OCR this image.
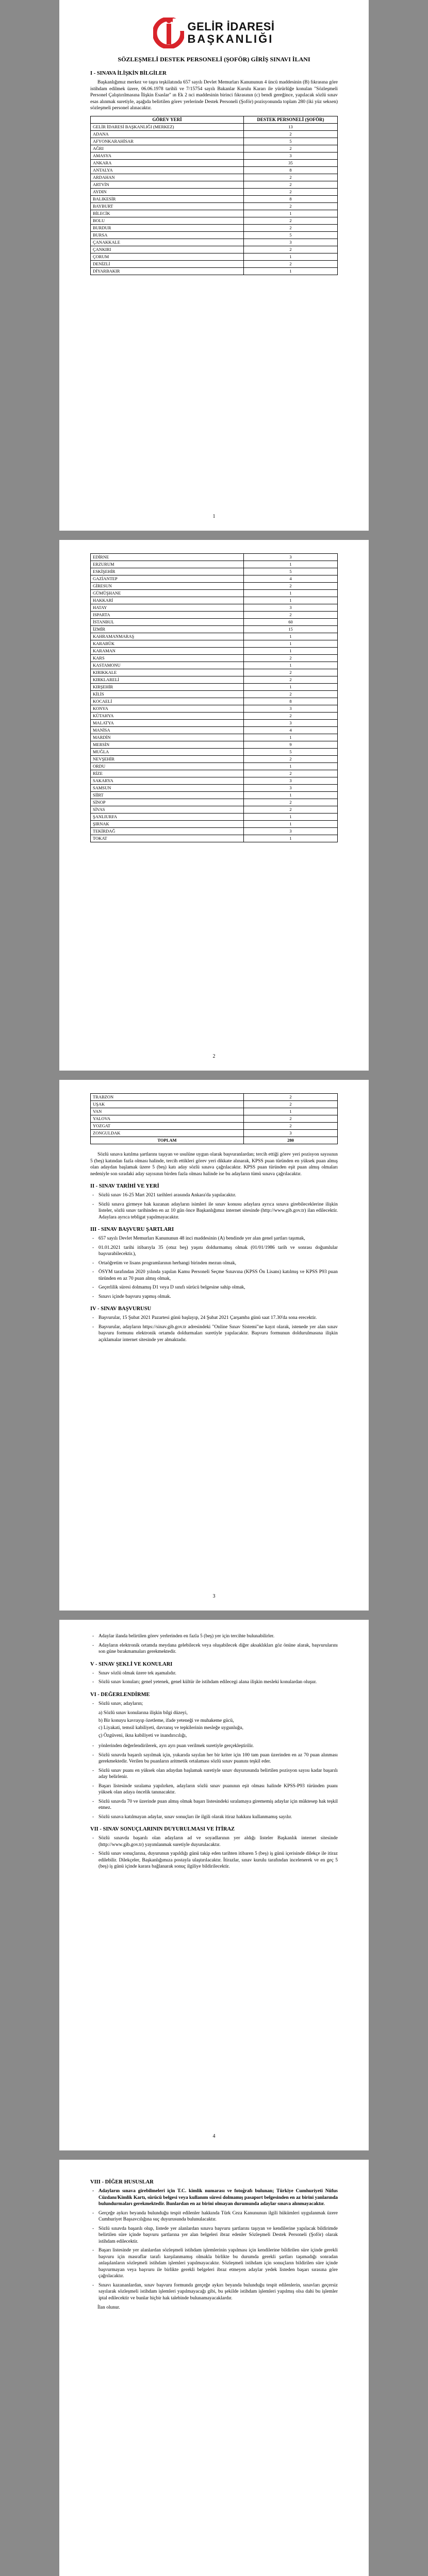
GELİR İDARESİ
BAŞKANLIĞI
SÖZLEŞMELİ DESTEK PERSONELİ (ŞOFÖR) GİRİŞ SINAVI İLANI
I - SINAVA İLİŞKİN BİLGİLER

Başkanlığımız merkez ve taşra teşkilatında 657 sayılı Devlet Memurları Kanununun 4 üncü maddesinin (B) fıkrasına göre istihdam edilmek üzere, 06.06.1978 tarihli ve 7/15754 sayılı Bakanlar Kurulu Kararı ile yürürlüğe konulan "Sözleşmeli Personel Çalıştırılmasına İlişkin Esaslar" ın Ek 2 nci maddesinin birinci fıkrasının (c) bendi gereğince, yapılacak sözlü sınav esas alınmak suretiyle, aşağıda belirtilen görev yerlerinde Destek Personeli (Şoför) pozisyonunda toplam 280 (iki yüz seksen) sözleşmeli personel alınacaktır.

GÖREV YERİ	DESTEK PERSONELİ (ŞOFÖR)
GELİR İDARESİ BAŞKANLIĞI (MERKEZ)	13
ADANA	2
AFYONKARAHİSAR	5
AĞRI	2
AMASYA	3
ANKARA	35
ANTALYA	8
ARDAHAN	2
ARTVİN	2
AYDIN	2
BALIKESİR	8
BAYBURT	2
BİLECİK	1
BOLU	2
BURDUR	2
BURSA	5
ÇANAKKALE	3
ÇANKIRI	2
ÇORUM	1
DENİZLİ	2
DİYARBAKIR	1
1
EDİRNE	3
ERZURUM	1
ESKİŞEHİR	5
GAZİANTEP	4
GİRESUN	2
GÜMÜŞHANE	1
HAKKARİ	1
HATAY	3
ISPARTA	2
İSTANBUL	60
İZMİR	15
KAHRAMANMARAŞ	1
KARABÜK	1
KARAMAN	1
KARS	2
KASTAMONU	1
KIRIKKALE	2
KIRKLARELİ	2
KIRŞEHİR	1
KİLİS	2
KOCAELİ	8
KONYA	3
KÜTAHYA	2
MALATYA	3
MANİSA	4
MARDİN	1
MERSİN	9
MUĞLA	5
NEVŞEHİR	2
ORDU	1
RİZE	2
SAKARYA	3
SAMSUN	3
SİİRT	1
SİNOP	2
SİVAS	2
ŞANLIURFA	1
ŞIRNAK	1
TEKİRDAĞ	3
TOKAT	1
2
TRABZON	2
UŞAK	2
VAN	1
YALOVA	2
YOZGAT	2
ZONGULDAK	3
TOPLAM	280

Sözlü sınava katılma şartlarını taşıyan ve usulüne uygun olarak başvuranlardan; tercih ettiği görev yeri pozisyon sayısının 5 (beş) katından fazla olması halinde, tercih ettikleri görev yeri dikkate alınarak, KPSS puan türünden en yüksek puan almış olan adaydan başlamak üzere 5 (beş) katı aday sözlü sınava çağrılacaktır. KPSS puan türünden eşit puan almış olmaları nedeniyle son sıradaki aday sayısının birden fazla olması halinde ise bu adayların tümü sınava çağrılacaktır.

II - SINAV TARİHİ VE YERİ
- Sözlü sınav 16-25 Mart 2021 tarihleri arasında Ankara'da yapılacaktır.
- Sözlü sınava girmeye hak kazanan adayların isimleri ile sınav konusu adaylara ayrıca sınava girebileceklerine ilişkin listeler, sözlü sınav tarihinden en az 10 gün önce Başkanlığımız internet sitesinde (http://www.gib.gov.tr) ilan edilecektir. Adaylara ayrıca tebligat yapılmayacaktır.
III - SINAV BAŞVURU ŞARTLARI
- 657 sayılı Devlet Memurları Kanununun 48 inci maddesinin (A) bendinde yer alan genel şartları taşımak,
- 01.01.2021 tarihi itibarıyla 35 (otuz beş) yaşını doldurmamış olmak (01/01/1986 tarih ve sonrası doğumlular başvurabilecektir.),
- Ortaöğretim ve lisans programlarının herhangi birinden mezun olmak,
- ÖSYM tarafından 2020 yılında yapılan Kamu Personeli Seçme Sınavına (KPSS Ön Lisans) katılmış ve KPSS P93 puan türünden en az 70 puan almış olmak,
- Geçerlilik süresi dolmamış D1 veya D sınıfı sürücü belgesine sahip olmak,
- Sınavı içinde başvuru yapmış olmak.
IV - SINAV BAŞVURUSU
- Başvurular, 15 Şubat 2021 Pazartesi günü başlayıp, 24 Şubat 2021 Çarşamba günü saat 17.30'da sona erecektir.
- Başvurular, adayların https://sinav.gib.gov.tr adresindeki "Online Sınav Sistemi"ne kayıt olarak, istenede yer alan sınav başvuru formunu elektronik ortamda doldurmaları suretiyle yapılacaktır. Başvuru formunun doldurulmasına ilişkin açıklamalar internet sitesinde yer almaktadır.
3
- Adaylar ilanda belirtilen görev yerlerinden en fazla 5 (beş) yer için tercihte bulunabilirler.
- Adayların elektronik ortamda meydana gelebilecek veya oluşabilecek diğer aksaklıkları göz önüne alarak, başvurularını son güne bırakmamaları gerekmektedir.
V - SINAV ŞEKLİ VE KONULARI
- Sınav sözlü olmak üzere tek aşamalıdır.
- Sözlü sınav konuları; genel yetenek, genel kültür ile istihdam edilecegi alana ilişkin mesleki konulardan oluşur.
VI - DEĞERLENDİRME
- Sözlü sınav, adayların;
a) Sözlü sınav konularına ilişkin bilgi düzeyi,
b) Bir konuyu kavrayıp özetleme, ifade yeteneği ve muhakeme gücü,
c) Liyakati, temsil kabiliyeti, davranış ve tepkilerinin mesleğe uygunluğu,
ç) Özgüveni, ikna kabiliyeti ve inandırıcılığı,
- yönlerinden değerlendirilerek, ayrı ayrı puan verilmek suretiyle gerçekleştirilir.
- Sözlü sınavda başarılı sayılmak için, yukarıda sayılan her bir kriter için 100 tam puan üzerinden en az 70 puan alınması gerekmektedir. Verilen bu puanların aritmetik ortalaması sözlü sınav puanını teşkil eder.
- Sözlü sınav puanı en yüksek olan adaydan başlamak suretiyle sınav duyurusunda belirtilen pozisyon sayısı kadar başarılı aday belirlenir.
- Başarı listesinde sıralama yapılırken, adayların sözlü sınav puanının eşit olması halinde KPSS-P93 türünden puanı yüksek olan adaya öncelik tanınacaktır.
- Sözlü sınavda 70 ve üzerinde puan almış olmak başarı listesindeki sıralamaya girememiş adaylar için müktesep hak teşkil etmez.
- Sözlü sınava katılmayan adaylar, sınav sonuçları ile ilgili olarak itiraz hakkını kullanmamış sayılır.
VII - SINAV SONUÇLARININ DUYURULMASI VE İTİRAZ
- Sözlü sınavda başarılı olan adayların ad ve soyadlarının yer aldığı listeler Başkanlık internet sitesinde (http://www.gib.gov.tr) yayımlanmak suretiyle duyurulacaktır.
- Sözlü sınav sonuçlarına, duyurunun yapıldığı günü takip eden tarihten itibaren 5 (beş) iş günü içerisinde dilekçe ile itiraz edilebilir. Dilekçeler, Başkanlığımıza postayla ulaştırılacaktır. İtirazlar, sınav kurulu tarafından incelenerek ve en geç 5 (beş) iş günü içinde karara bağlanarak sonuç ilgiliye bildirilecektir.
4
VIII - DİĞER HUSUSLAR
- Adayların sınava girebilmeleri için T.C. kimlik numarası ve fotoğrafı bulunan; Türkiye Cumhuriyeti Nüfus Cüzdanı/Kimlik Kartı, sürücü belgesi veya kullanım süresi dolmamış pasaport belgesinden en az birini yanlarında bulundurmaları gerekmektedir. Bunlardan en az birini olmayan durumunda adaylar sınava alınmayacaktır.
- Gerçeğe aykırı beyanda bulunduğu tespit edilenler hakkında Türk Ceza Kanununun ilgili hükümleri uygulanmak üzere Cumhuriyet Başsavcılığına suç duyurusunda bulunulacaktır.
- Sözlü sınavda başarılı olup, listede yer alanlardan sınava başvuru şartlarını taşıyan ve kendilerine yapılacak bildirimde belirtilen süre içinde başvuru şartlarına yer alan belgeleri ibraz edenler Sözleşmeli Destek Personeli (Şoför) olarak istihdam edilecektir.
- Başarı listesinde yer alanlardan sözleşmeli istihdam işlemlerinin yapılması için kendilerine bildirilen süre içinde gerekli başvuru için masraflar tarafı karşılanmamış olmakla birlikte bu durumda gerekli şartları taşımadığı sonradan anlaşılanların sözleşmeli istihdam işlemleri yapılmayacaktır. Sözleşmeli istihdam için sonuçların bildirilen süre içinde başvurmayan veya başvuru ile birlikte gerekli belgeleri ibraz etmeyen adaylar yedek listeden başarı sırasına göre çağrılacaktır.
- Sınavı kazananlardan, sınav başvuru formunda gerçeğe aykırı beyanda bulunduğu tespit edilenlerin, sınavları geçersiz sayılarak sözleşmeli istihdam işlemleri yapılmayacağı gibi, bu şekilde istihdam işlemleri yapılmış olsa dahi bu işlemler iptal edilecektir ve bunlar hiçbir hak talebinde bulunamayacaklardır.

İlan olunur.
